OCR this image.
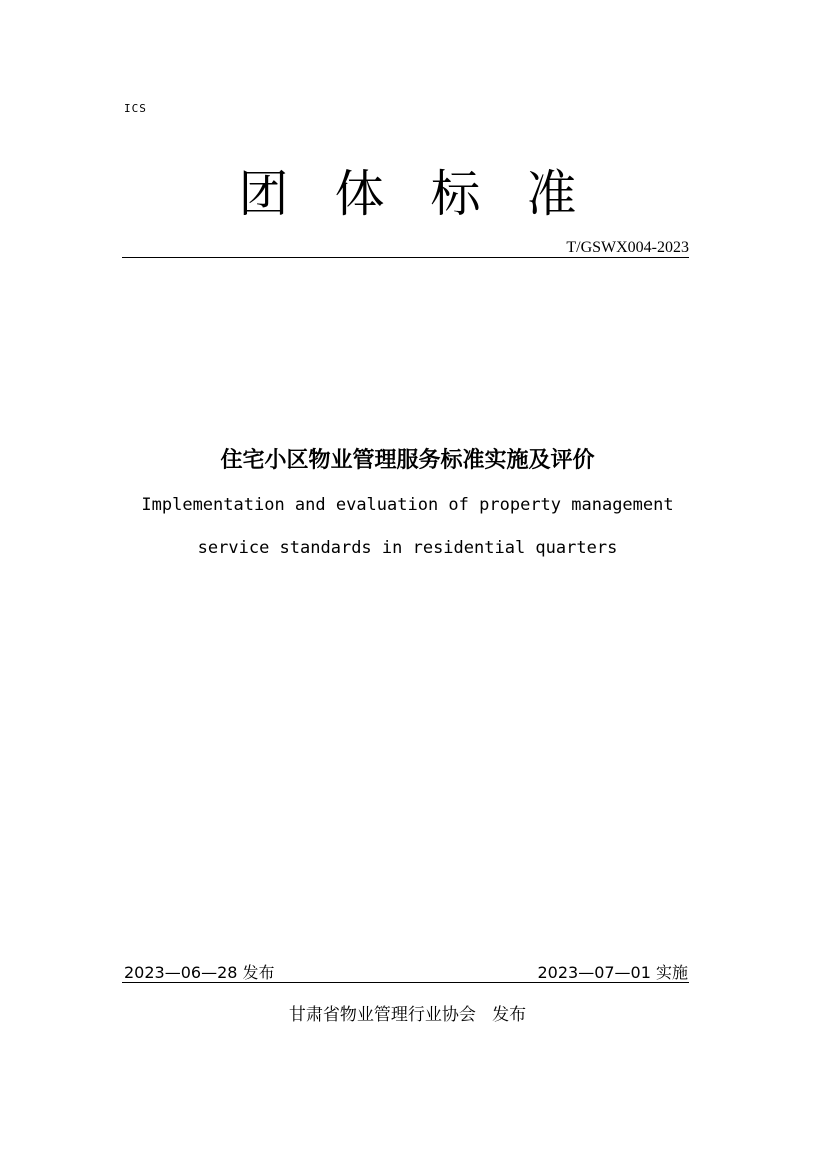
ICS
团体标准
T/GSWX004-2023
住宅小区物业管理服务标准实施及评价
Implementation and evaluation of property management
service standards in residential quarters
2023—06—28 发布	2023—07—01 实施
甘肃省物业管理行业协会   发布
